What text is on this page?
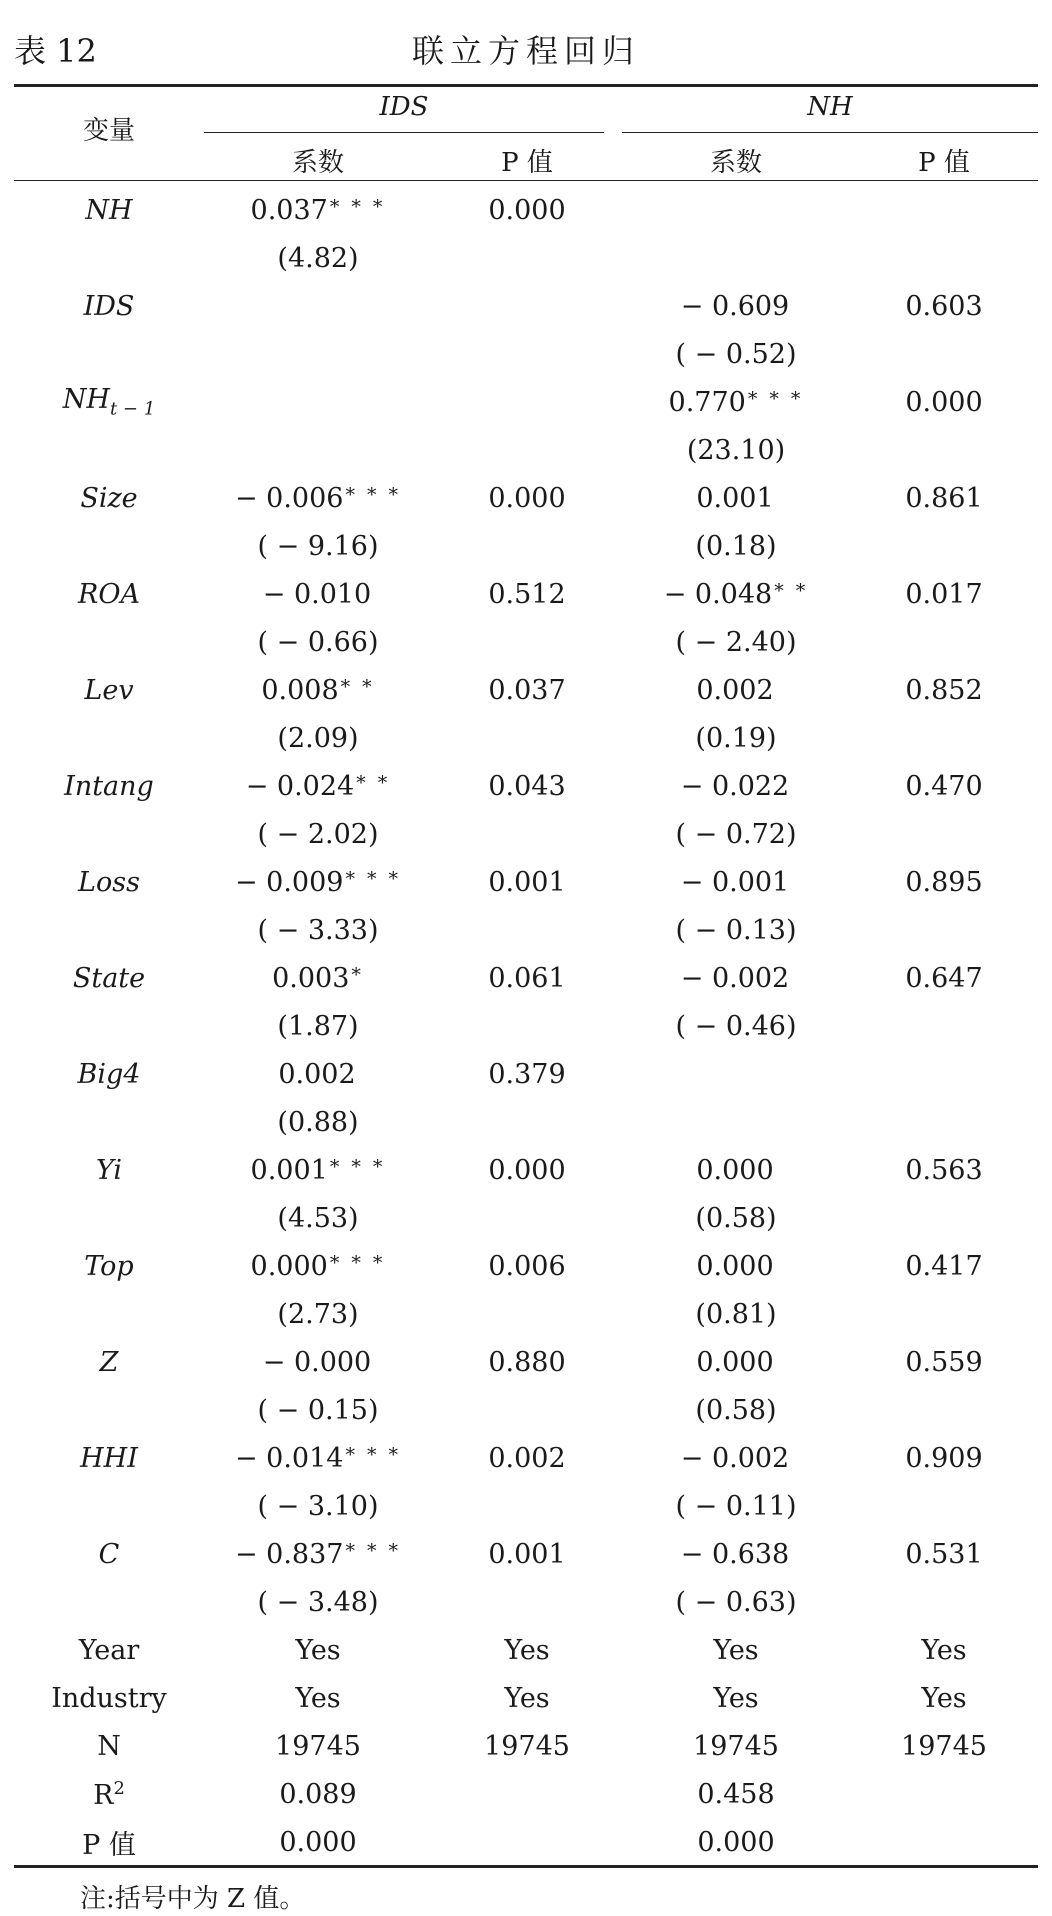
表 12	联立方程回归
变量
IDS	NH
系数	P 值	系数	P 值
NH	0.037 * * *	0.000		
	(4.82)			
IDS			− 0.609	0.603
			( − 0.52)	
$NH_{t - 1}$			0.770 * * *	0.000
			(23.10)	
Size	− 0.006 * * *	0.000	0.001	0.861
	( − 9.16)		(0.18)	
ROA	− 0.010	0.512	− 0.048 * *	0.017
	( − 0.66)		( − 2.40)	
Lev	0.008 * *	0.037	0.002	0.852
	(2.09)		(0.19)	
Intang	− 0.024 * *	0.043	− 0.022	0.470
	( − 2.02)		( − 0.72)	
Loss	− 0.009 * * *	0.001	− 0.001	0.895
	( − 3.33)		( − 0.13)	
State	0.003 *	0.061	− 0.002	0.647
	(1.87)		( − 0.46)	
Big4	0.002	0.379		
	(0.88)			
Yi	0.001 * * *	0.000	0.000	0.563
	(4.53)		(0.58)	
Top	0.000 * * *	0.006	0.000	0.417
	(2.73)		(0.81)	
Z	− 0.000	0.880	0.000	0.559
	( − 0.15)		(0.58)	
HHI	− 0.014 * * *	0.002	− 0.002	0.909
	( − 3.10)		( − 0.11)	
C	− 0.837 * * *	0.001	− 0.638	0.531
	( − 3.48)		( − 0.63)	
Year	Yes	Yes	Yes	Yes
Industry	Yes	Yes	Yes	Yes
N	19745	19745	19745	19745
$R^2$	0.089		0.458	
P 值	0.000		0.000	
注:括号中为 Z 值。
